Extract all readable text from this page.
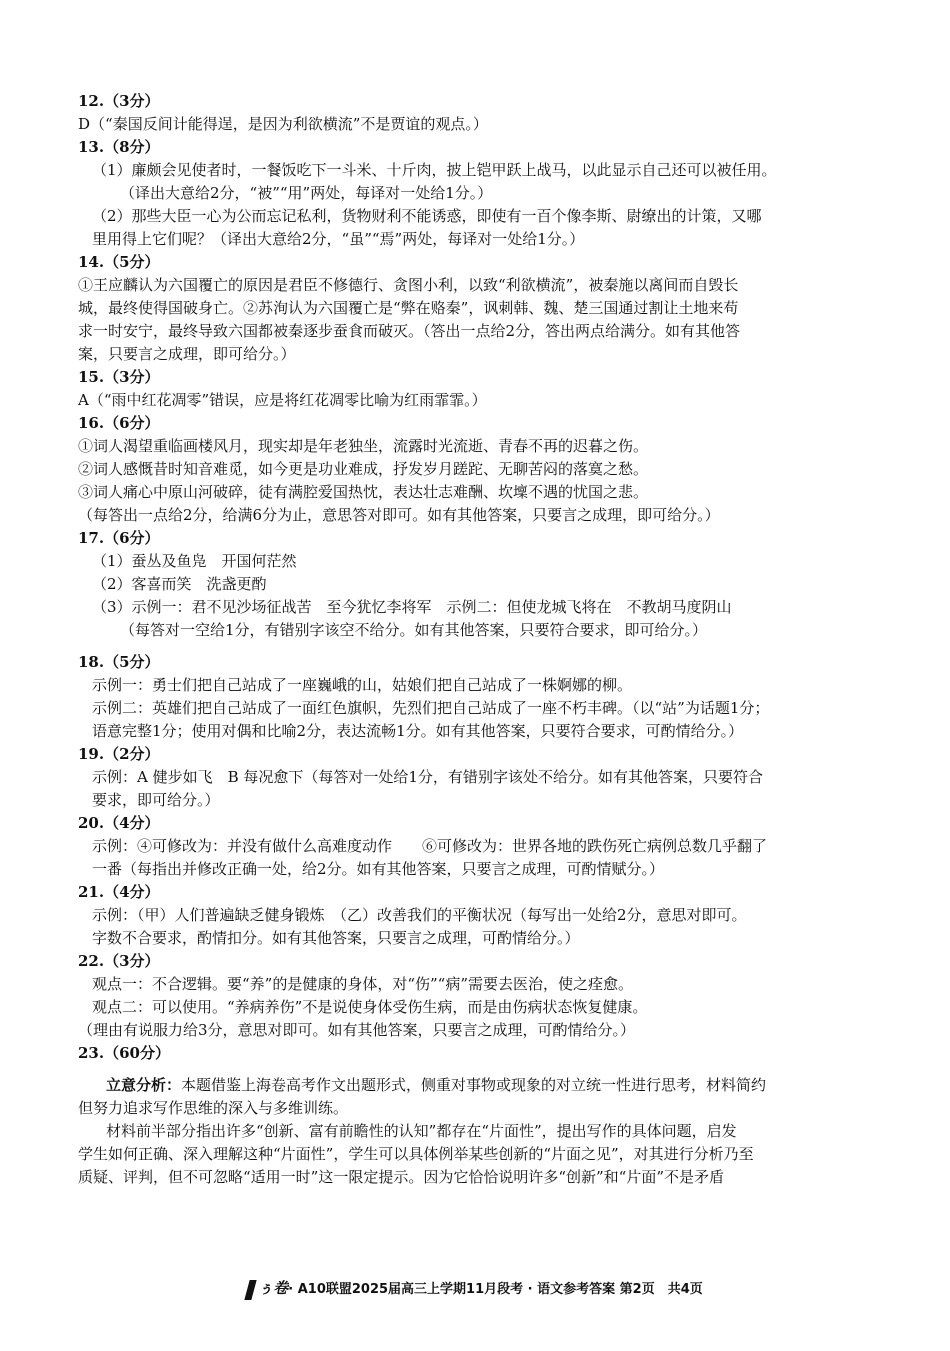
12.（3分）
D（“秦国反间计能得逞，是因为利欲横流”不是贾谊的观点。）
13.（8分）
（1）廉颇会见使者时，一餐饭吃下一斗米、十斤肉，披上铠甲跃上战马，以此显示自己还可以被任用。
（译出大意给2分，“被”“用”两处，每译对一处给1分。）
（2）那些大臣一心为公而忘记私利，货物财利不能诱惑，即使有一百个像李斯、尉缭出的计策，又哪
里用得上它们呢？（译出大意给2分，“虽”“焉”两处，每译对一处给1分。）
14.（5分）
①王应麟认为六国覆亡的原因是君臣不修德行、贪图小利，以致“利欲横流”，被秦施以离间而自毁长
城，最终使得国破身亡。②苏洵认为六国覆亡是“弊在赂秦”，讽刺韩、魏、楚三国通过割让土地来苟
求一时安宁，最终导致六国都被秦逐步蚕食而破灭。（答出一点给2分，答出两点给满分。如有其他答
案，只要言之成理，即可给分。）
15.（3分）
A（“雨中红花凋零”错误，应是将红花凋零比喻为红雨霏霏。）
16.（6分）
①词人渴望重临画楼风月，现实却是年老独坐，流露时光流逝、青春不再的迟暮之伤。
②词人感慨昔时知音难觅，如今更是功业难成，抒发岁月蹉跎、无聊苦闷的落寞之愁。
③词人痛心中原山河破碎，徒有满腔爱国热忱，表达壮志难酬、坎壈不遇的忧国之悲。
（每答出一点给2分，给满6分为止，意思答对即可。如有其他答案，只要言之成理，即可给分。）
17.（6分）
（1）蚕丛及鱼凫　开国何茫然
（2）客喜而笑　洗盏更酌
（3）示例一：君不见沙场征战苦　至今犹忆李将军　示例二：但使龙城飞将在　不教胡马度阴山
（每答对一空给1分，有错别字该空不给分。如有其他答案，只要符合要求，即可给分。）
18.（5分）
示例一：勇士们把自己站成了一座巍峨的山，姑娘们把自己站成了一株婀娜的柳。
示例二：英雄们把自己站成了一面红色旗帜，先烈们把自己站成了一座不朽丰碑。（以“站”为话题1分；
语意完整1分；使用对偶和比喻2分，表达流畅1分。如有其他答案，只要符合要求，可酌情给分。）
19.（2分）
示例：A 健步如飞　B 每况愈下（每答对一处给1分，有错别字该处不给分。如有其他答案，只要符合
要求，即可给分。）
20.（4分）
示例：④可修改为：并没有做什么高难度动作　　⑥可修改为：世界各地的跌伤死亡病例总数几乎翻了
一番（每指出并修改正确一处，给2分。如有其他答案，只要言之成理，可酌情赋分。）
21.（4分）
示例：（甲）人们普遍缺乏健身锻炼　（乙）改善我们的平衡状况（每写出一处给2分，意思对即可。
字数不合要求，酌情扣分。如有其他答案，只要言之成理，可酌情给分。）
22.（3分）
观点一：不合逻辑。要“养”的是健康的身体，对“伤”“病”需要去医治，使之痊愈。
观点二：可以使用。“养病养伤”不是说使身体受伤生病，而是由伤病状态恢复健康。
（理由有说服力给3分，意思对即可。如有其他答案，只要言之成理，可酌情给分。）
23.（60分）
立意分析：本题借鉴上海卷高考作文出题形式，侧重对事物或现象的对立统一性进行思考，材料简约
但努力追求写作思维的深入与多维训练。
材料前半部分指出许多“创新、富有前瞻性的认知”都存在“片面性”，提出写作的具体问题，启发
学生如何正确、深入理解这种“片面性”，学生可以具体例举某些创新的“片面之见”，对其进行分析乃至
质疑、评判，但不可忽略“适用一时”这一限定提示。因为它恰恰说明许多“创新”和“片面”不是矛盾
ぅ卷· A10联盟2025届高三上学期11月段考 · 语文参考答案 第2页　共4页
